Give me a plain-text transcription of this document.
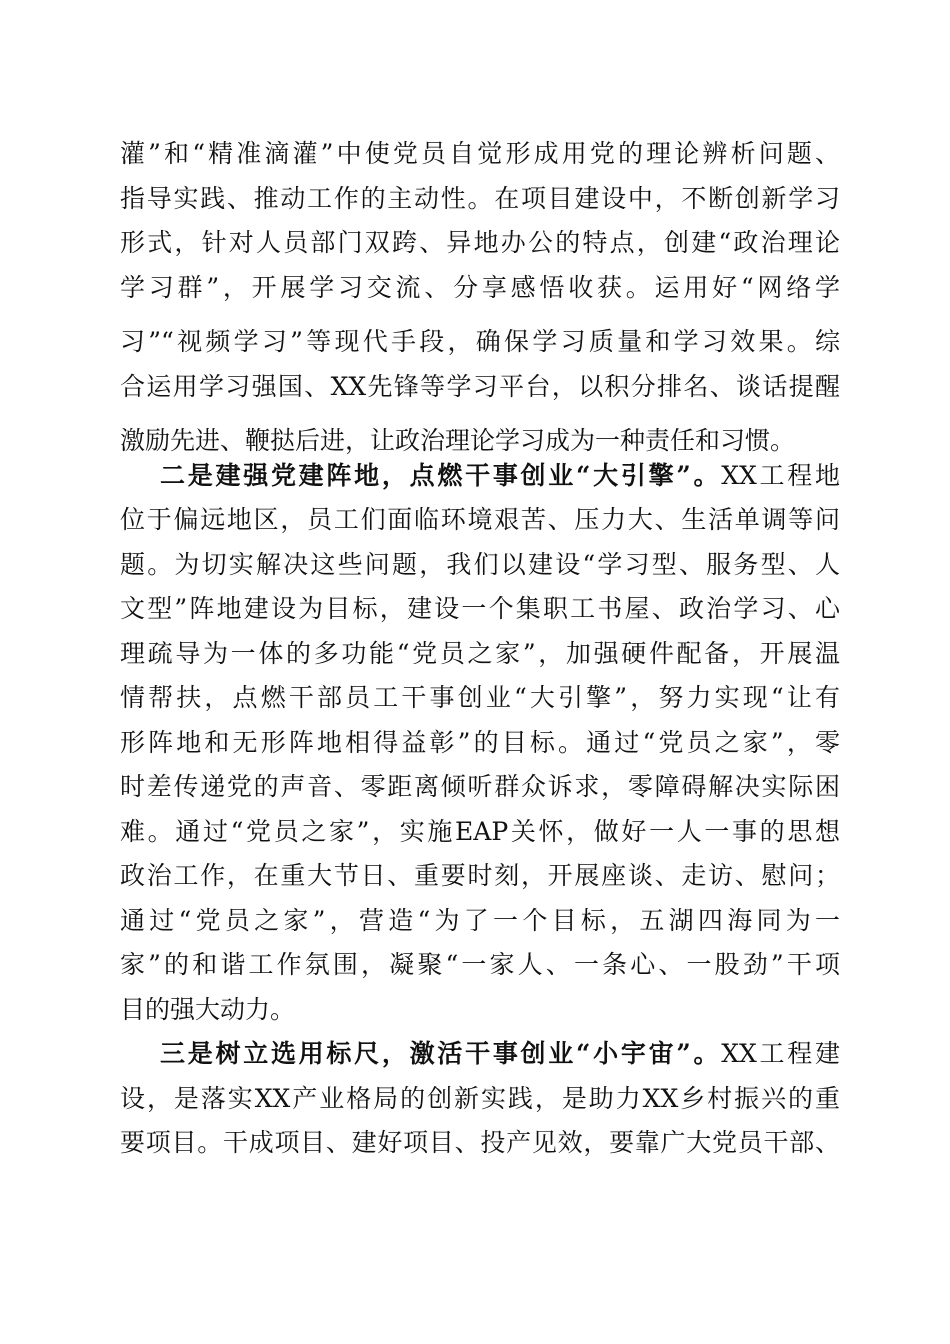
灌”和“精准滴灌”中使党员自觉形成用党的理论辨析问题、
指导实践、推动工作的主动性。在项目建设中，不断创新学习
形式，针对人员部门双跨、异地办公的特点，创建“政治理论
学习群”，开展学习交流、分享感悟收获。运用好“网络学
习”“视频学习”等现代手段，确保学习质量和学习效果。综
合运用学习强国、XX先锋等学习平台，以积分排名、谈话提醒
激励先进、鞭挞后进，让政治理论学习成为一种责任和习惯。
二是建强党建阵地，点燃干事创业“大引擎”。XX工程地
位于偏远地区，员工们面临环境艰苦、压力大、生活单调等问
题。为切实解决这些问题，我们以建设“学习型、服务型、人
文型”阵地建设为目标，建设一个集职工书屋、政治学习、心
理疏导为一体的多功能“党员之家”，加强硬件配备，开展温
情帮扶，点燃干部员工干事创业“大引擎”，努力实现“让有
形阵地和无形阵地相得益彰”的目标。通过“党员之家”，零
时差传递党的声音、零距离倾听群众诉求，零障碍解决实际困
难。通过“党员之家”，实施EAP关怀，做好一人一事的思想
政治工作，在重大节日、重要时刻，开展座谈、走访、慰问；
通过“党员之家”，营造“为了一个目标，五湖四海同为一
家”的和谐工作氛围，凝聚“一家人、一条心、一股劲”干项
目的强大动力。
三是树立选用标尺，激活干事创业“小宇宙”。XX工程建
设，是落实XX产业格局的创新实践，是助力XX乡村振兴的重
要项目。干成项目、建好项目、投产见效，要靠广大党员干部、
